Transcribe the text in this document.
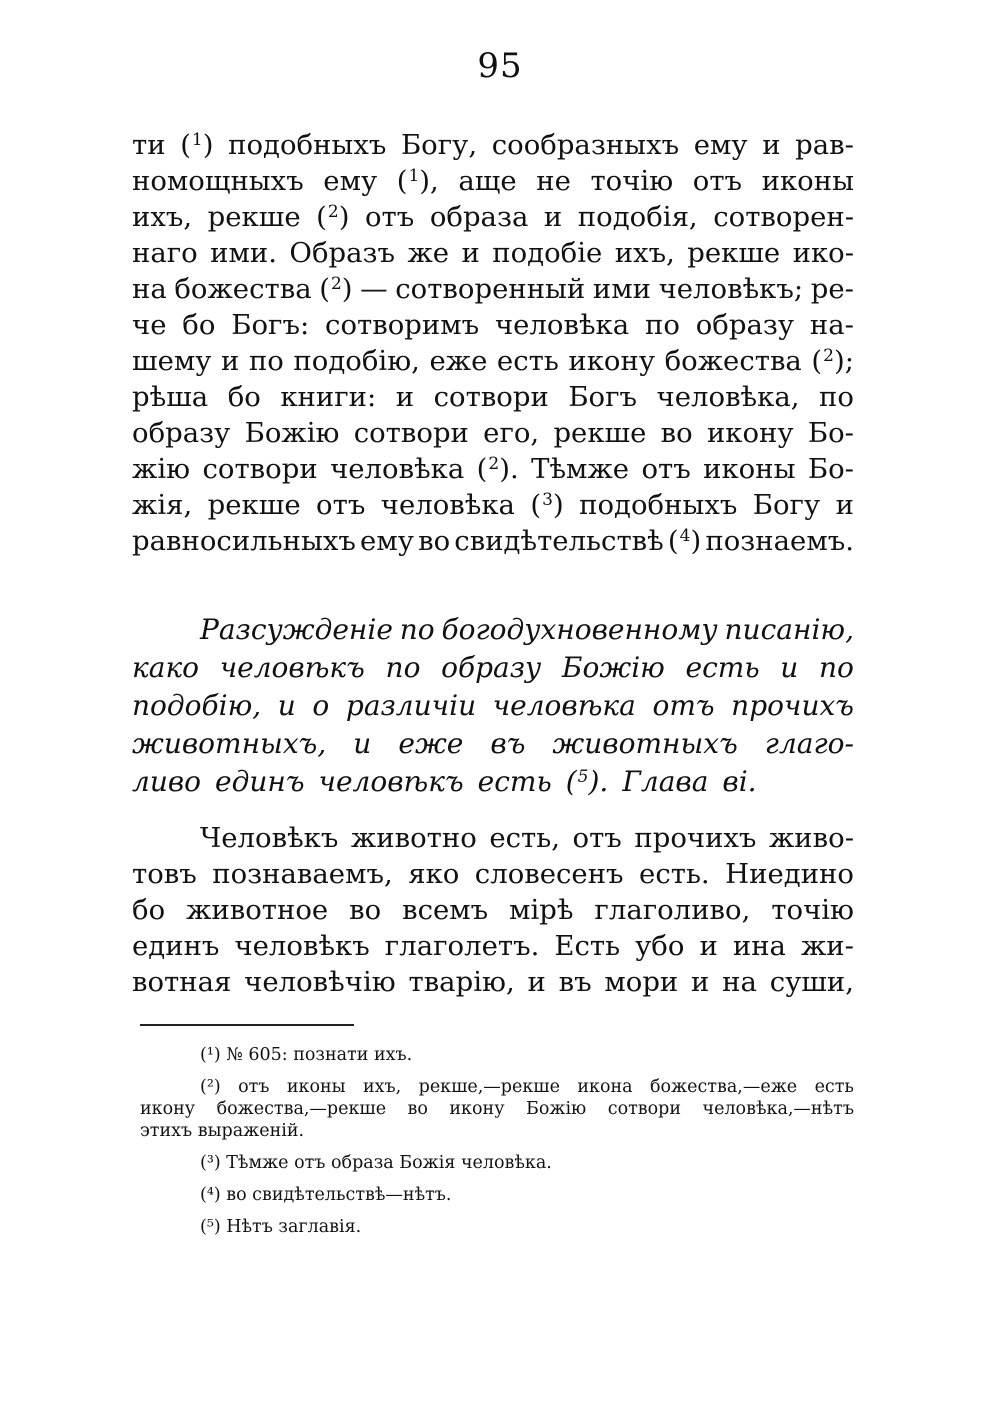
95
ти ($^1$) подобныхъ Богу, сообразныхъ ему и рав-
номощныхъ ему ($^1$), аще не точію отъ иконы
ихъ, рекше ($^2$) отъ образа и подобія, сотворен-
наго ими. Образъ же и подобіе ихъ, рекше ико-
на божества ($^2$) — сотворенный ими человѣкъ; ре-
че бо Богъ: сотворимъ человѣка по образу на-
шему и по подобію, еже есть икону божества ($^2$);
рѣша бо книги: и сотвори Богъ человѣка, по
образу Божію сотвори его, рекше во икону Бо-
жію сотвори человѣка ($^2$). Тѣмже отъ иконы Бо-
жія, рекше отъ человѣка ($^3$) подобныхъ Богу и
равносильныхъ ему во свидѣтельствѣ ($^4$) познаемъ.
Разсужденіе по богодухновенному писанію,
како человѣкъ по образу Божію есть и по
подобію, и о различіи человѣка отъ прочихъ
животныхъ, и еже въ животныхъ глаго-
ливо единъ человѣкъ есть ($^5$). Глава ві.
Человѣкъ животно есть, отъ прочихъ живо-
товъ познаваемъ, яко словесенъ есть. Ниедино
бо животное во всемъ мірѣ глаголиво, точію
единъ человѣкъ глаголетъ. Есть убо и ина жи-
вотная человѣчію тварію, и въ мори и на суши,
(¹) № 605: познати ихъ.
(²) отъ иконы ихъ, рекше,—рекше икона божества,—еже есть
икону божества,—рекше во икону Божію сотвори человѣка,—нѣтъ
этихъ выраженій.
(³) Тѣмже отъ образа Божія человѣка.
(⁴) во свидѣтельствѣ—нѣтъ.
(⁵) Нѣтъ заглавія.
